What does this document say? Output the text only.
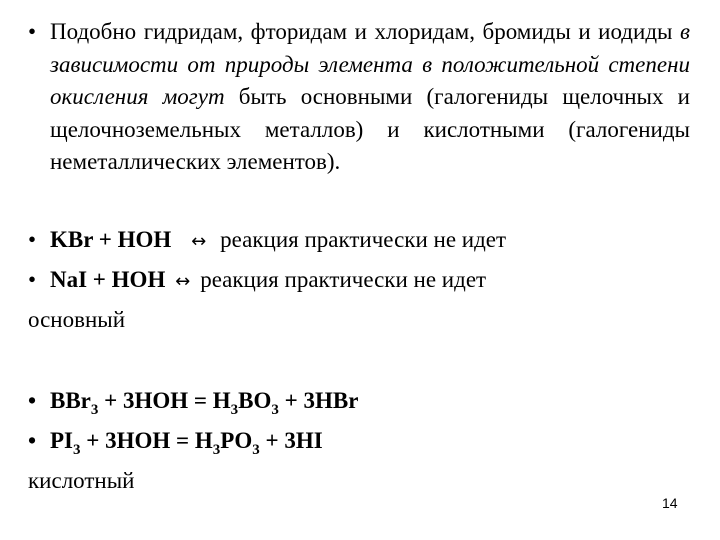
• Подобно гидридам, фторидам и хлоридам, бромиды и иодиды в зависимости от природы элемента в положительной степени окисления могут быть основными (галогениды щелочных и щелочноземельных металлов) и кислотными (галогениды неметаллических элементов).
• KBr + HOH ↔ реакция практически не идет
• NaI + HOH ↔ реакция практически не идет
основный
• $BBr_3 + 3HOH = H_3BO_3 + 3HBr$
• $PI_3 + 3HOH = H_3PO_3 + 3HI$
кислотный
14
